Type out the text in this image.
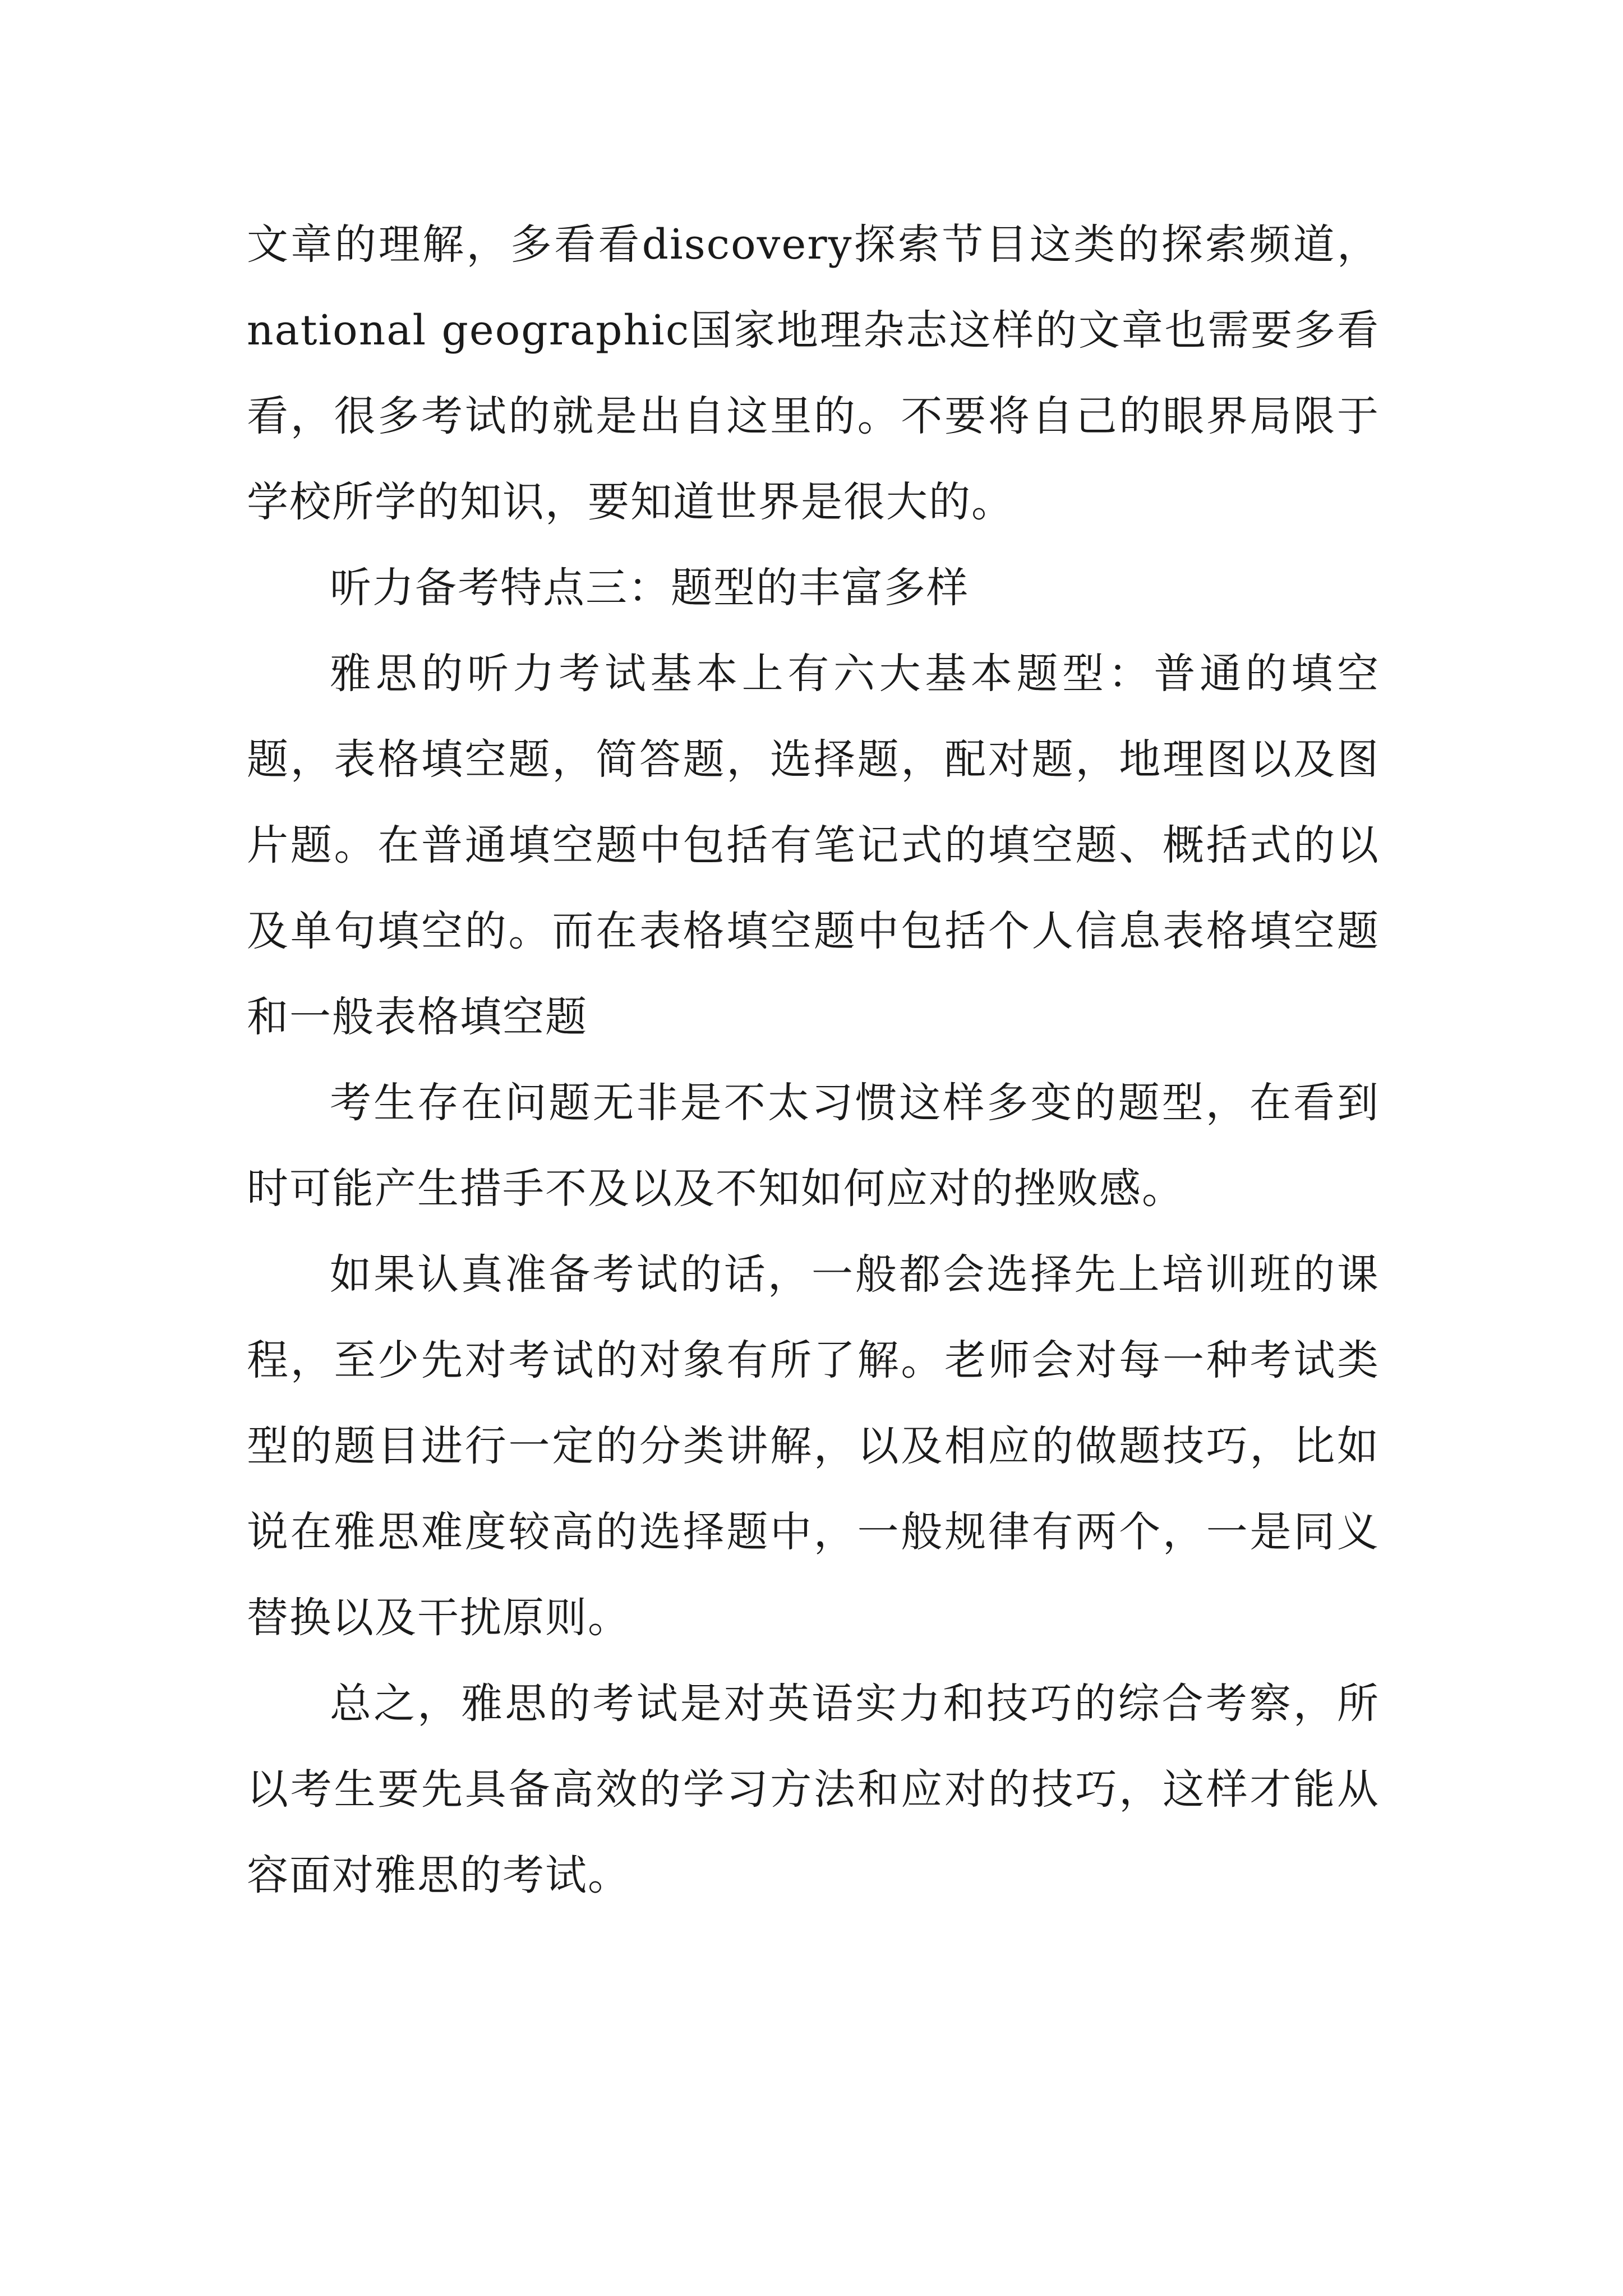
文章的理解，多看看discovery探索节目这类的探索频道，national geographic国家地理杂志这样的文章也需要多看看，很多考试的就是出自这里的。不要将自己的眼界局限于学校所学的知识，要知道世界是很大的。

听力备考特点三：题型的丰富多样

雅思的听力考试基本上有六大基本题型：普通的填空题，表格填空题，简答题，选择题，配对题，地理图以及图片题。在普通填空题中包括有笔记式的填空题、概括式的以及单句填空的。而在表格填空题中包括个人信息表格填空题和一般表格填空题

考生存在问题无非是不太习惯这样多变的题型，在看到时可能产生措手不及以及不知如何应对的挫败感。

如果认真准备考试的话，一般都会选择先上培训班的课程，至少先对考试的对象有所了解。老师会对每一种考试类型的题目进行一定的分类讲解，以及相应的做题技巧，比如说在雅思难度较高的选择题中，一般规律有两个，一是同义替换以及干扰原则。

总之，雅思的考试是对英语实力和技巧的综合考察，所以考生要先具备高效的学习方法和应对的技巧，这样才能从容面对雅思的考试。
